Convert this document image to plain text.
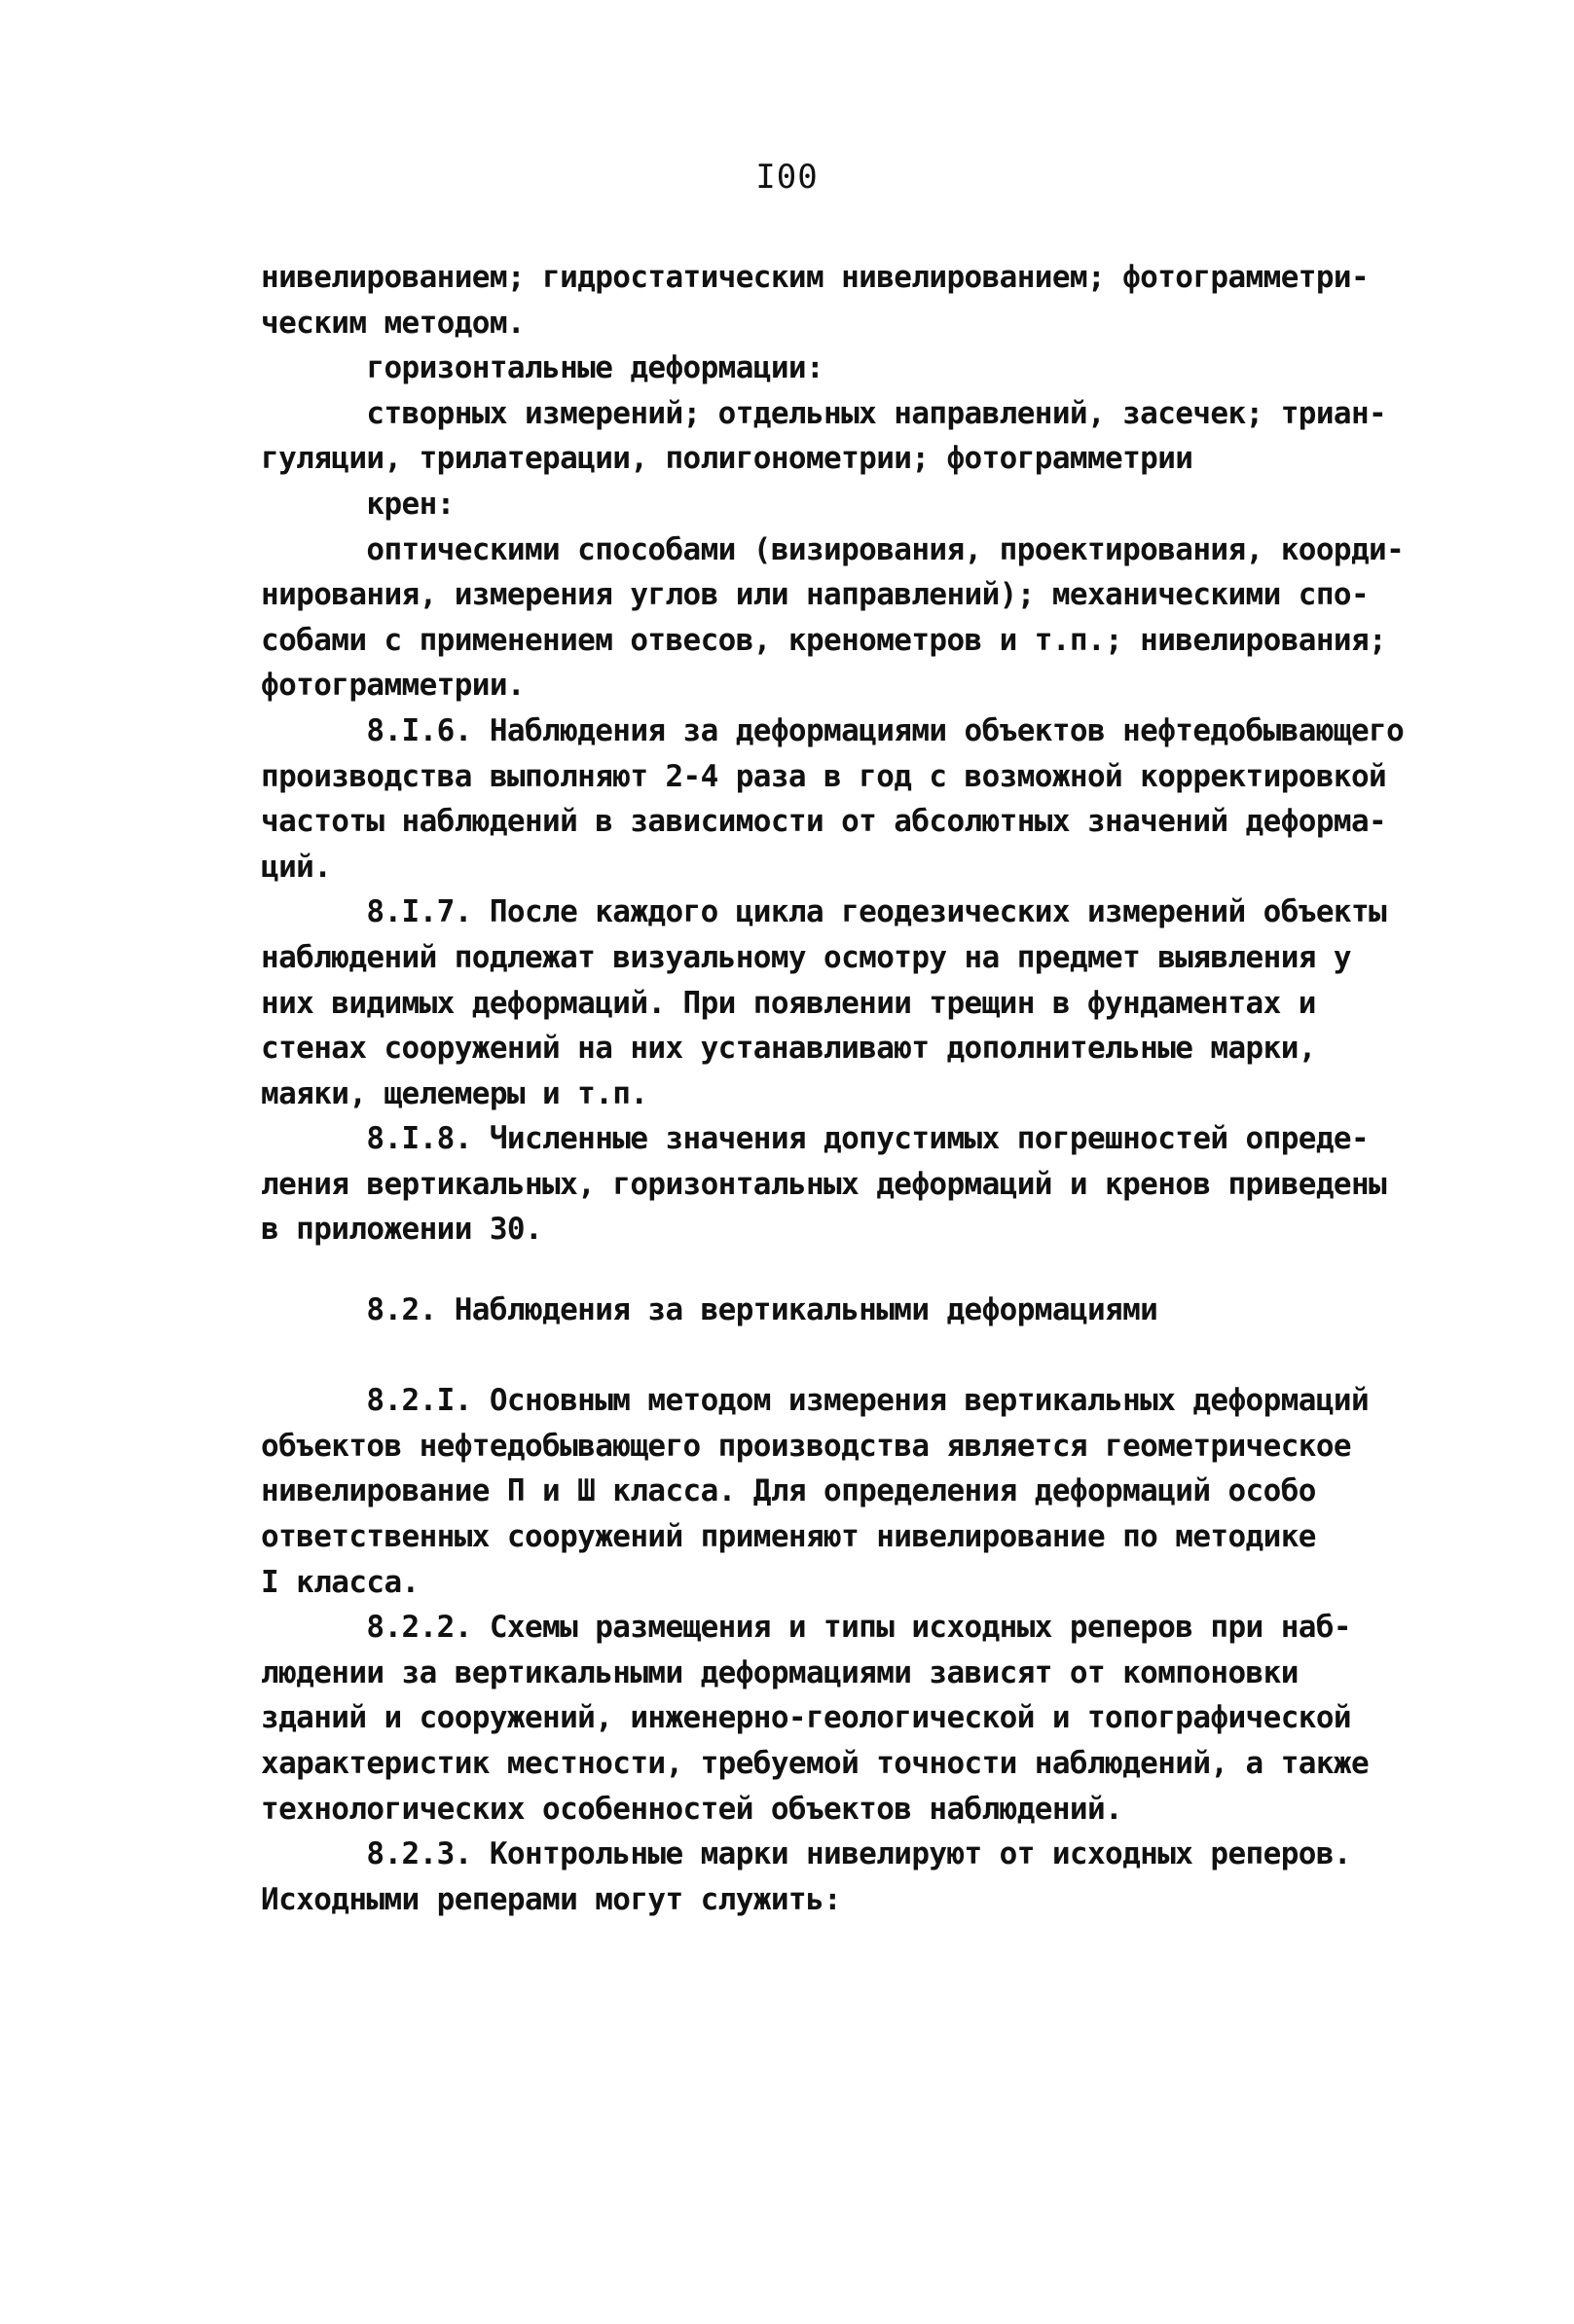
I00
нивелированием; гидростатическим нивелированием; фотограмметри-
ческим методом.
горизонтальные деформации:
створных измерений; отдельных направлений, засечек; триан-
гуляции, трилатерации, полигонометрии; фотограмметрии
крен:
оптическими способами (визирования, проектирования, коорди-
нирования, измерения углов или направлений); механическими спо-
собами с применением отвесов, кренометров и т.п.; нивелирования;
фотограмметрии.
8.I.6. Наблюдения за деформациями объектов нефтедобывающего
производства выполняют 2-4 раза в год с возможной корректировкой
частоты наблюдений в зависимости от абсолютных значений деформа-
ций.
8.I.7. После каждого цикла геодезических измерений объекты
наблюдений подлежат визуальному осмотру на предмет выявления у
них видимых деформаций. При появлении трещин в фундаментах и
стенах сооружений на них устанавливают дополнительные марки,
маяки, щелемеры и т.п.
8.I.8. Численные значения допустимых погрешностей опреде-
ления вертикальных, горизонтальных деформаций и кренов приведены
в приложении 30.
8.2. Наблюдения за вертикальными деформациями
8.2.I. Основным методом измерения вертикальных деформаций
объектов нефтедобывающего производства является геометрическое
нивелирование П и Ш класса. Для определения деформаций особо
ответственных сооружений применяют нивелирование по методике
I класса.
8.2.2. Схемы размещения и типы исходных реперов при наб-
людении за вертикальными деформациями зависят от компоновки
зданий и сооружений, инженерно-геологической и топографической
характеристик местности, требуемой точности наблюдений, а также
технологических особенностей объектов наблюдений.
8.2.3. Контрольные марки нивелируют от исходных реперов.
Исходными реперами могут служить:
